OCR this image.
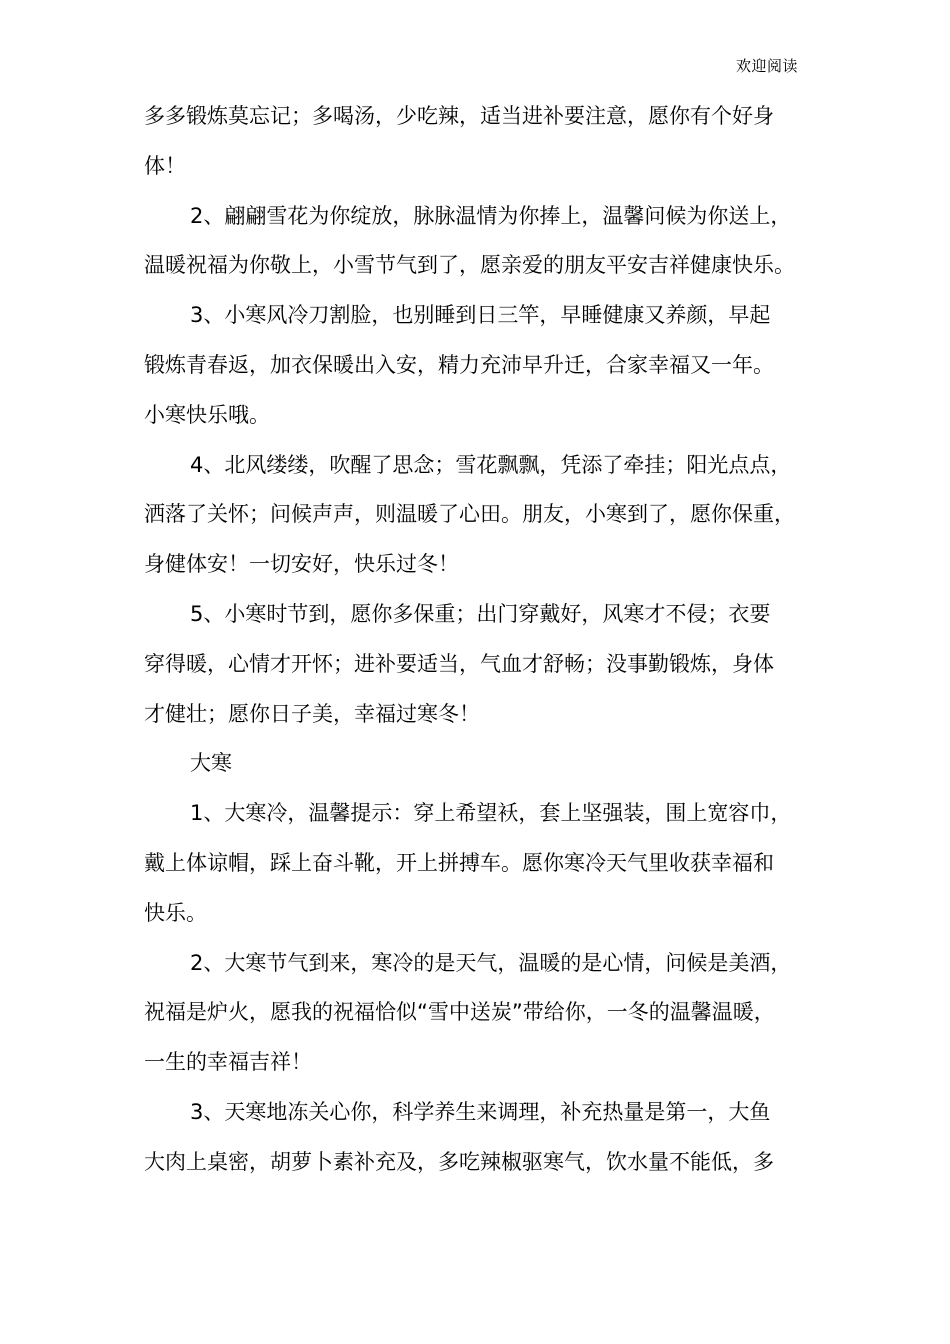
欢迎阅读

多多锻炼莫忘记；多喝汤，少吃辣，适当进补要注意，愿你有个好身

体！

2、翩翩雪花为你绽放，脉脉温情为你捧上，温馨问候为你送上，

温暖祝福为你敬上，小雪节气到了，愿亲爱的朋友平安吉祥健康快乐。

3、小寒风冷刀割脸，也别睡到日三竿，早睡健康又养颜，早起

锻炼青春返，加衣保暖出入安，精力充沛早升迁，合家幸福又一年。

小寒快乐哦。

4、北风缕缕，吹醒了思念；雪花飘飘，凭添了牵挂；阳光点点，

洒落了关怀；问候声声，则温暖了心田。朋友，小寒到了，愿你保重，

身健体安！一切安好，快乐过冬！

5、小寒时节到，愿你多保重；出门穿戴好，风寒才不侵；衣要

穿得暖，心情才开怀；进补要适当，气血才舒畅；没事勤锻炼，身体

才健壮；愿你日子美，幸福过寒冬！

大寒

1、大寒冷，温馨提示：穿上希望袄，套上坚强装，围上宽容巾，

戴上体谅帽，踩上奋斗靴，开上拼搏车。愿你寒冷天气里收获幸福和

快乐。

2、大寒节气到来，寒冷的是天气，温暖的是心情，问候是美酒，

祝福是炉火，愿我的祝福恰似“雪中送炭”带给你，一冬的温馨温暖，

一生的幸福吉祥！

3、天寒地冻关心你，科学养生来调理，补充热量是第一，大鱼

大肉上桌密，胡萝卜素补充及，多吃辣椒驱寒气，饮水量不能低，多
